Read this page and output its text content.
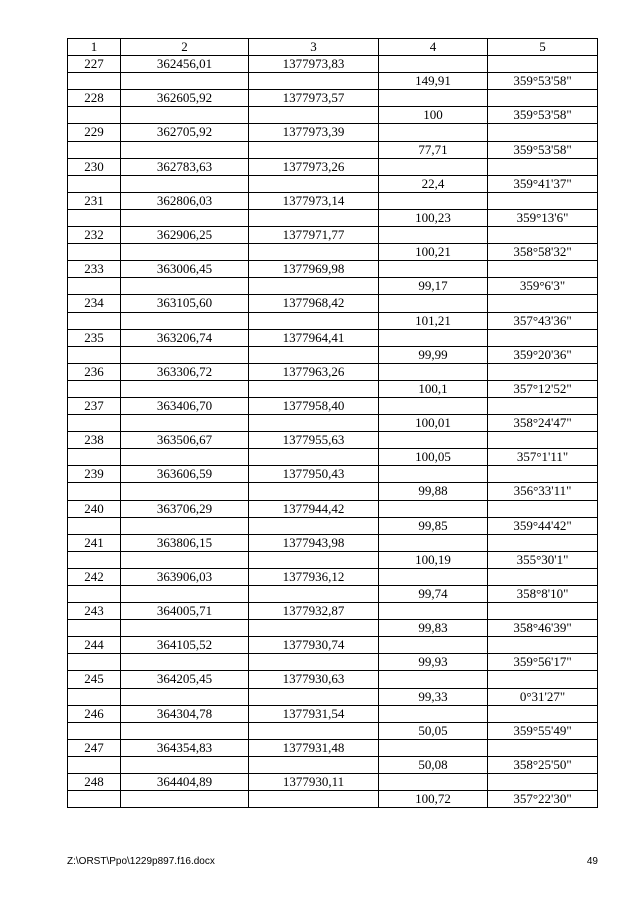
1	2	3	4	5
227	362456,01	1377973,83		
			149,91	359°53'58"
228	362605,92	1377973,57		
			100	359°53'58"
229	362705,92	1377973,39		
			77,71	359°53'58"
230	362783,63	1377973,26		
			22,4	359°41'37"
231	362806,03	1377973,14		
			100,23	359°13'6"
232	362906,25	1377971,77		
			100,21	358°58'32"
233	363006,45	1377969,98		
			99,17	359°6'3"
234	363105,60	1377968,42		
			101,21	357°43'36"
235	363206,74	1377964,41		
			99,99	359°20'36"
236	363306,72	1377963,26		
			100,1	357°12'52"
237	363406,70	1377958,40		
			100,01	358°24'47"
238	363506,67	1377955,63		
			100,05	357°1'11"
239	363606,59	1377950,43		
			99,88	356°33'11"
240	363706,29	1377944,42		
			99,85	359°44'42"
241	363806,15	1377943,98		
			100,19	355°30'1"
242	363906,03	1377936,12		
			99,74	358°8'10"
243	364005,71	1377932,87		
			99,83	358°46'39"
244	364105,52	1377930,74		
			99,93	359°56'17"
245	364205,45	1377930,63		
			99,33	0°31'27"
246	364304,78	1377931,54		
			50,05	359°55'49"
247	364354,83	1377931,48		
			50,08	358°25'50"
248	364404,89	1377930,11		
			100,72	357°22'30"
Z:\ORST\Ppo\1229p897.f16.docx	49
